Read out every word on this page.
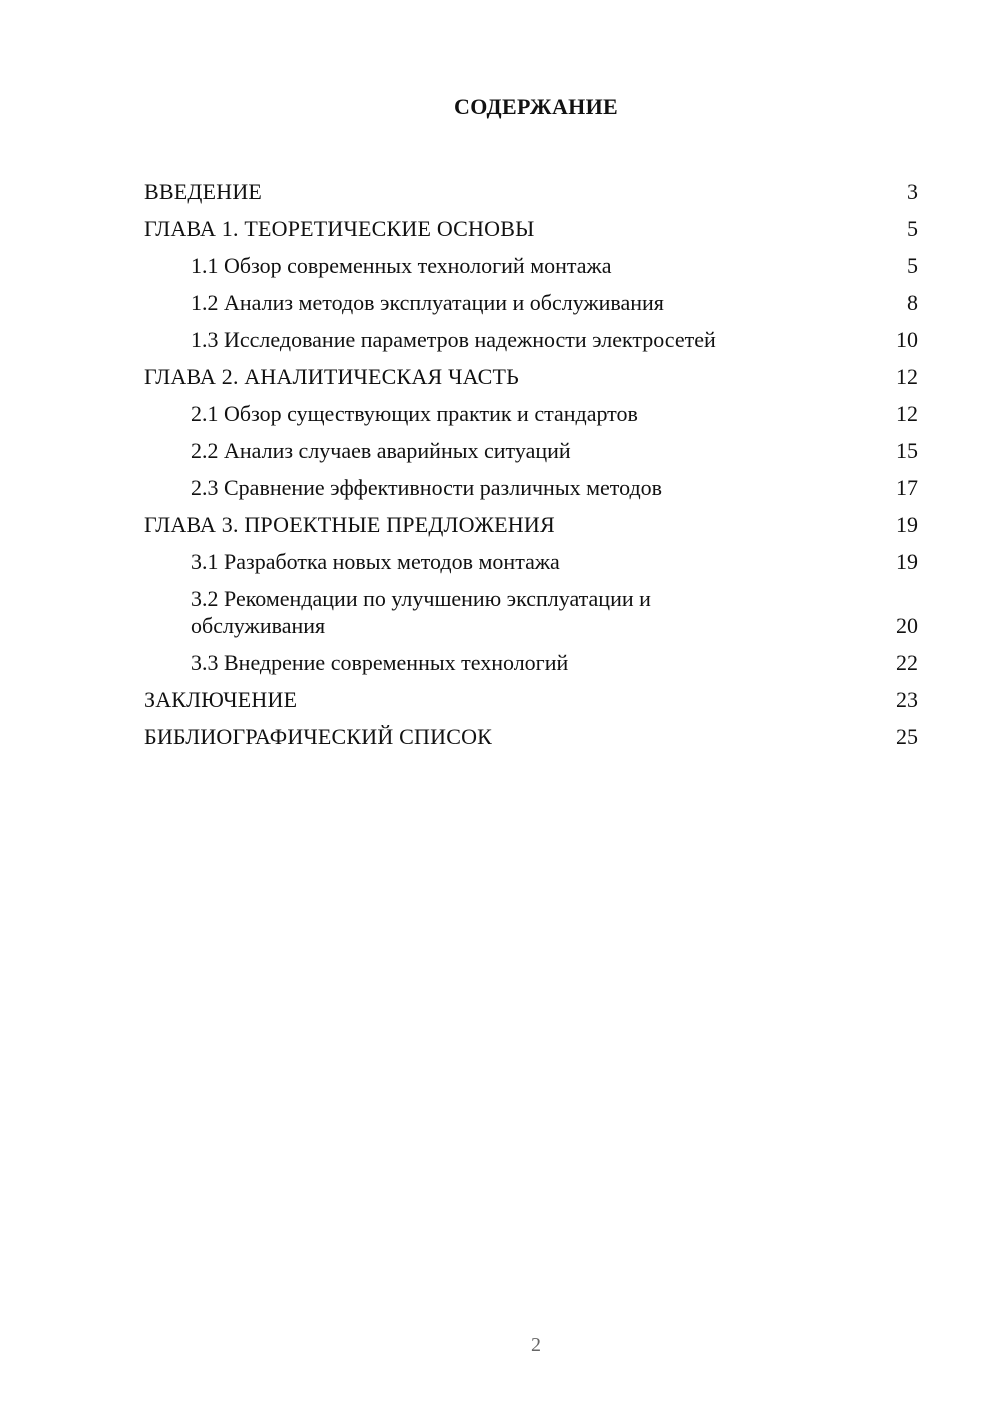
СОДЕРЖАНИЕ
ВВЕДЕНИЕ	3
ГЛАВА 1. ТЕОРЕТИЧЕСКИЕ ОСНОВЫ	5
1.1 Обзор современных технологий монтажа	5
1.2 Анализ методов эксплуатации и обслуживания	8
1.3 Исследование параметров надежности электросетей	10
ГЛАВА 2. АНАЛИТИЧЕСКАЯ ЧАСТЬ	12
2.1 Обзор существующих практик и стандартов	12
2.2 Анализ случаев аварийных ситуаций	15
2.3 Сравнение эффективности различных методов	17
ГЛАВА 3. ПРОЕКТНЫЕ ПРЕДЛОЖЕНИЯ	19
3.1 Разработка новых методов монтажа	19
3.2 Рекомендации по улучшению эксплуатации и обслуживания	20
3.3 Внедрение современных технологий	22
ЗАКЛЮЧЕНИЕ	23
БИБЛИОГРАФИЧЕСКИЙ СПИСОК	25
2
